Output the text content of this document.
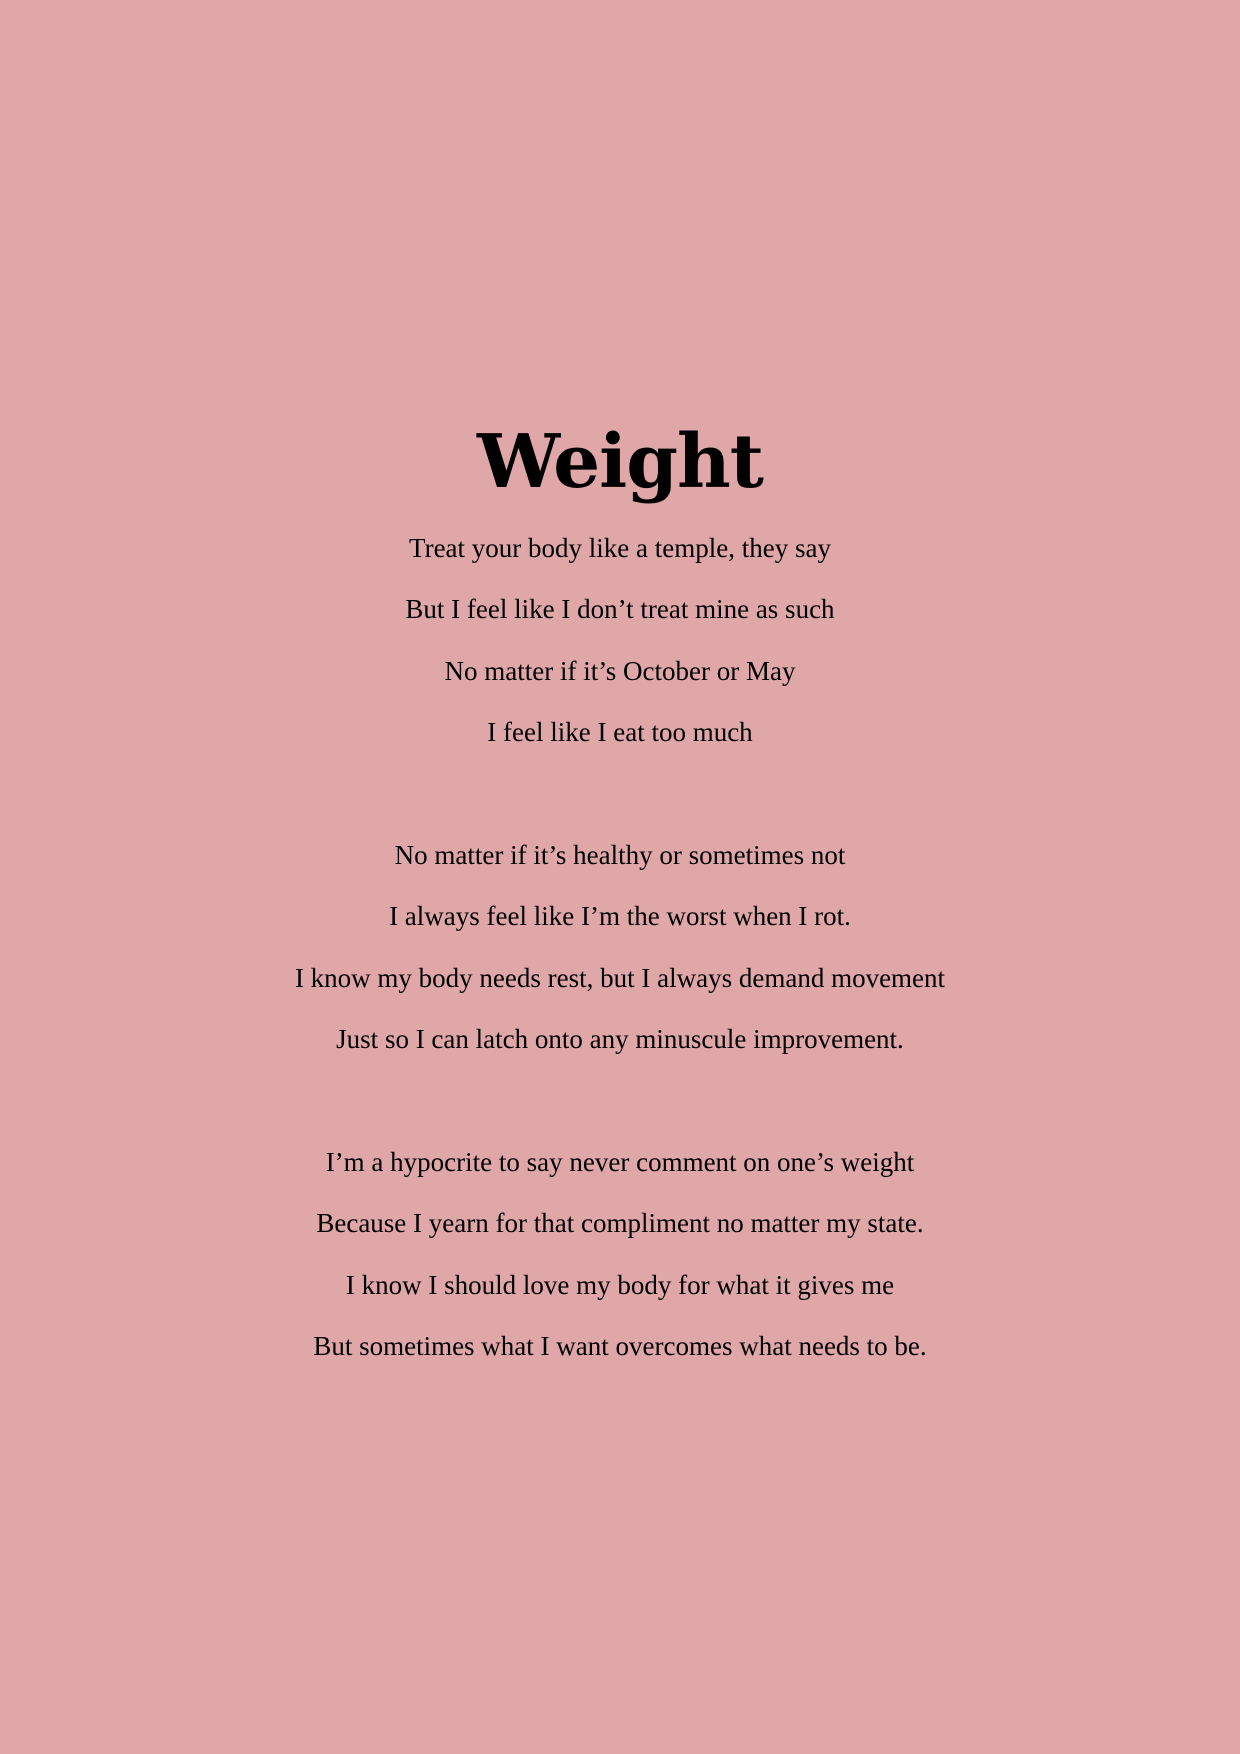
Weight

Treat your body like a temple, they say

But I feel like I don’t treat mine as such

No matter if it’s October or May

I feel like I eat too much

No matter if it’s healthy or sometimes not

I always feel like I’m the worst when I rot.

I know my body needs rest, but I always demand movement

Just so I can latch onto any minuscule improvement.

I’m a hypocrite to say never comment on one’s weight

Because I yearn for that compliment no matter my state.

I know I should love my body for what it gives me

But sometimes what I want overcomes what needs to be.
